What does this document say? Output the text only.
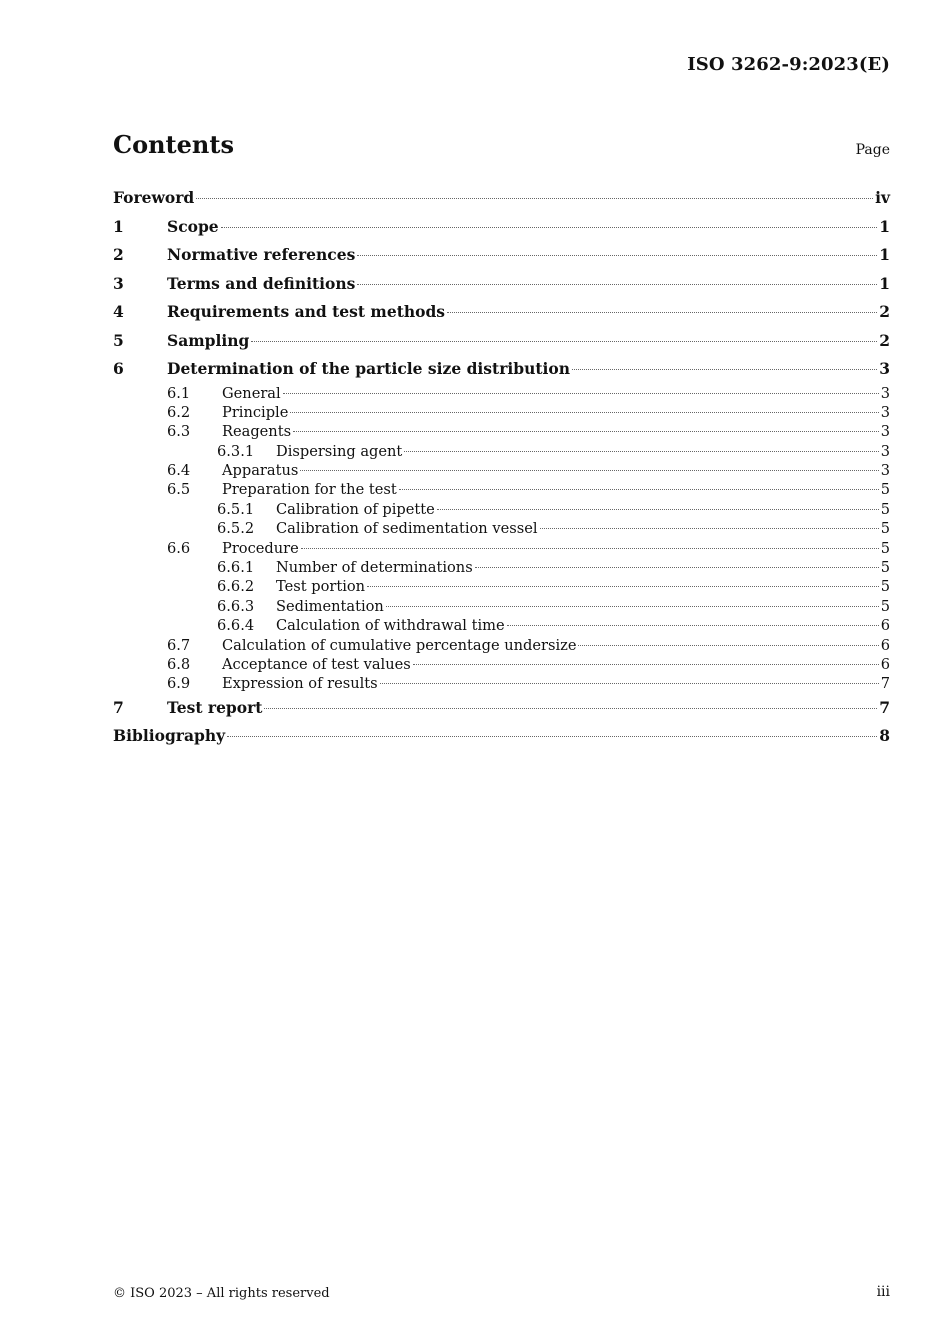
ISO 3262-9:2023(E)
Contents	Page
Foreword	iv
1	Scope	1
2	Normative references	1
3	Terms and definitions	1
4	Requirements and test methods	2
5	Sampling	2
6	Determination of the particle size distribution	3
6.1	General	3
6.2	Principle	3
6.3	Reagents	3
6.3.1	Dispersing agent	3
6.4	Apparatus	3
6.5	Preparation for the test	5
6.5.1	Calibration of pipette	5
6.5.2	Calibration of sedimentation vessel	5
6.6	Procedure	5
6.6.1	Number of determinations	5
6.6.2	Test portion	5
6.6.3	Sedimentation	5
6.6.4	Calculation of withdrawal time	6
6.7	Calculation of cumulative percentage undersize	6
6.8	Acceptance of test values	6
6.9	Expression of results	7
7	Test report	7
Bibliography	8
© ISO 2023 – All rights reserved	iii
